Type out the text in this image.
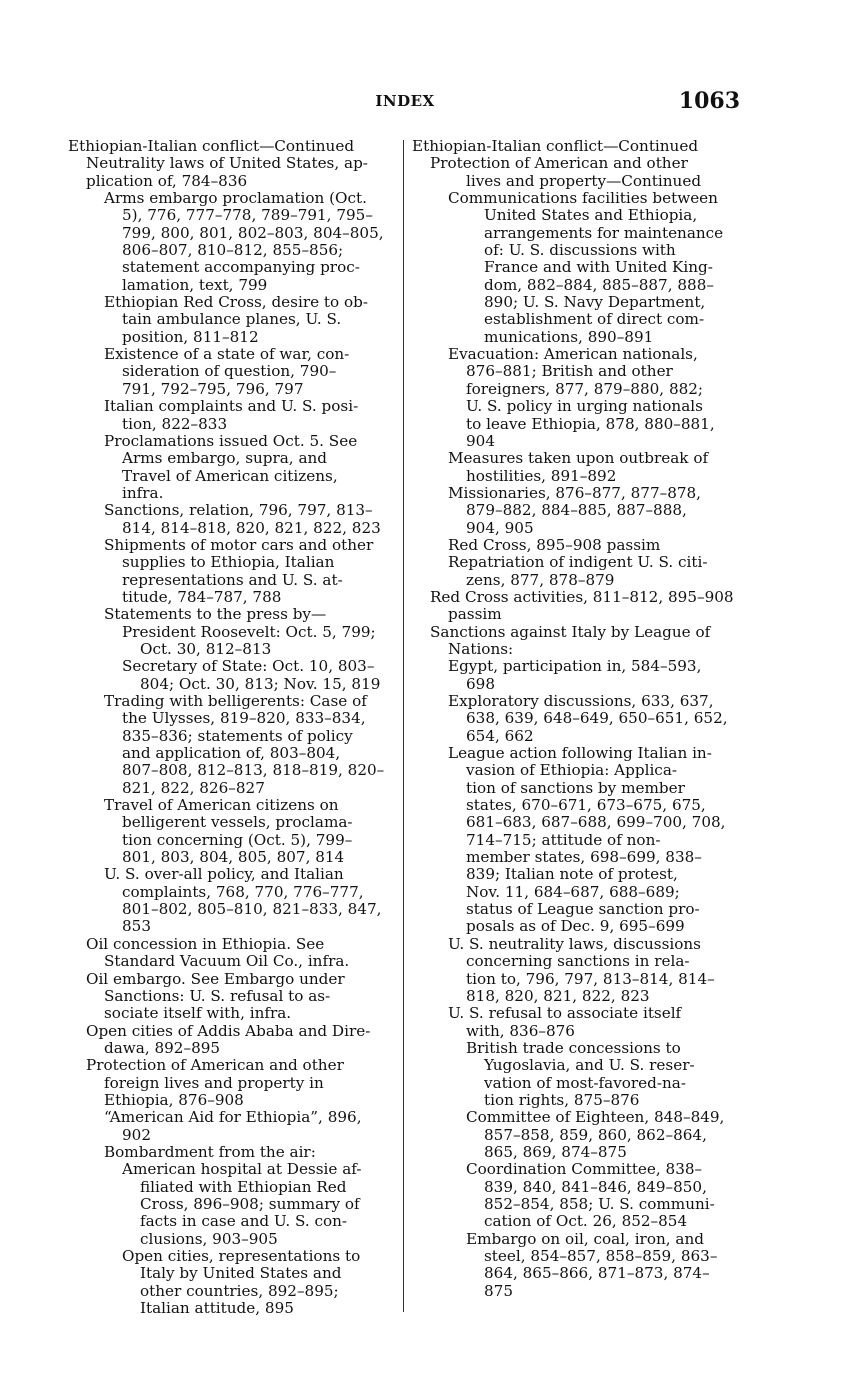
INDEX	1063
Ethiopian-Italian conflict—Continued
Neutrality laws of United States, ap-
plication of, 784–836
Arms embargo proclamation (Oct.
5), 776, 777–778, 789–791, 795–
799, 800, 801, 802–803, 804–805,
806–807, 810–812, 855–856;
statement accompanying proc-
lamation, text, 799
Ethiopian Red Cross, desire to ob-
tain ambulance planes, U. S.
position, 811–812
Existence of a state of war, con-
sideration of question, 790–
791, 792–795, 796, 797
Italian complaints and U. S. posi-
tion, 822–833
Proclamations issued Oct. 5. See
Arms embargo, supra, and
Travel of American citizens,
infra.
Sanctions, relation, 796, 797, 813–
814, 814–818, 820, 821, 822, 823
Shipments of motor cars and other
supplies to Ethiopia, Italian
representations and U. S. at-
titude, 784–787, 788
Statements to the press by—
President Roosevelt: Oct. 5, 799;
Oct. 30, 812–813
Secretary of State: Oct. 10, 803–
804; Oct. 30, 813; Nov. 15, 819
Trading with belligerents: Case of
the Ulysses, 819–820, 833–834,
835–836; statements of policy
and application of, 803–804,
807–808, 812–813, 818–819, 820–
821, 822, 826–827
Travel of American citizens on
belligerent vessels, proclama-
tion concerning (Oct. 5), 799–
801, 803, 804, 805, 807, 814
U. S. over-all policy, and Italian
complaints, 768, 770, 776–777,
801–802, 805–810, 821–833, 847,
853
Oil concession in Ethiopia. See
Standard Vacuum Oil Co., infra.
Oil embargo. See Embargo under
Sanctions: U. S. refusal to as-
sociate itself with, infra.
Open cities of Addis Ababa and Dire-
dawa, 892–895
Protection of American and other
foreign lives and property in
Ethiopia, 876–908
“American Aid for Ethiopia”, 896,
902
Bombardment from the air:
American hospital at Dessie af-
filiated with Ethiopian Red
Cross, 896–908; summary of
facts in case and U. S. con-
clusions, 903–905
Open cities, representations to
Italy by United States and
other countries, 892–895;
Italian attitude, 895
Ethiopian-Italian conflict—Continued
Protection of American and other
lives and property—Continued
Communications facilities between
United States and Ethiopia,
arrangements for maintenance
of: U. S. discussions with
France and with United King-
dom, 882–884, 885–887, 888–
890; U. S. Navy Department,
establishment of direct com-
munications, 890–891
Evacuation: American nationals,
876–881; British and other
foreigners, 877, 879–880, 882;
U. S. policy in urging nationals
to leave Ethiopia, 878, 880–881,
904
Measures taken upon outbreak of
hostilities, 891–892
Missionaries, 876–877, 877–878,
879–882, 884–885, 887–888,
904, 905
Red Cross, 895–908 passim
Repatriation of indigent U. S. citi-
zens, 877, 878–879
Red Cross activities, 811–812, 895–908
passim
Sanctions against Italy by League of
Nations:
Egypt, participation in, 584–593,
698
Exploratory discussions, 633, 637,
638, 639, 648–649, 650–651, 652,
654, 662
League action following Italian in-
vasion of Ethiopia: Applica-
tion of sanctions by member
states, 670–671, 673–675, 675,
681–683, 687–688, 699–700, 708,
714–715; attitude of non-
member states, 698–699, 838–
839; Italian note of protest,
Nov. 11, 684–687, 688–689;
status of League sanction pro-
posals as of Dec. 9, 695–699
U. S. neutrality laws, discussions
concerning sanctions in rela-
tion to, 796, 797, 813–814, 814–
818, 820, 821, 822, 823
U. S. refusal to associate itself
with, 836–876
British trade concessions to
Yugoslavia, and U. S. reser-
vation of most-favored-na-
tion rights, 875–876
Committee of Eighteen, 848–849,
857–858, 859, 860, 862–864,
865, 869, 874–875
Coordination Committee, 838–
839, 840, 841–846, 849–850,
852–854, 858; U. S. communi-
cation of Oct. 26, 852–854
Embargo on oil, coal, iron, and
steel, 854–857, 858–859, 863–
864, 865–866, 871–873, 874–
875
